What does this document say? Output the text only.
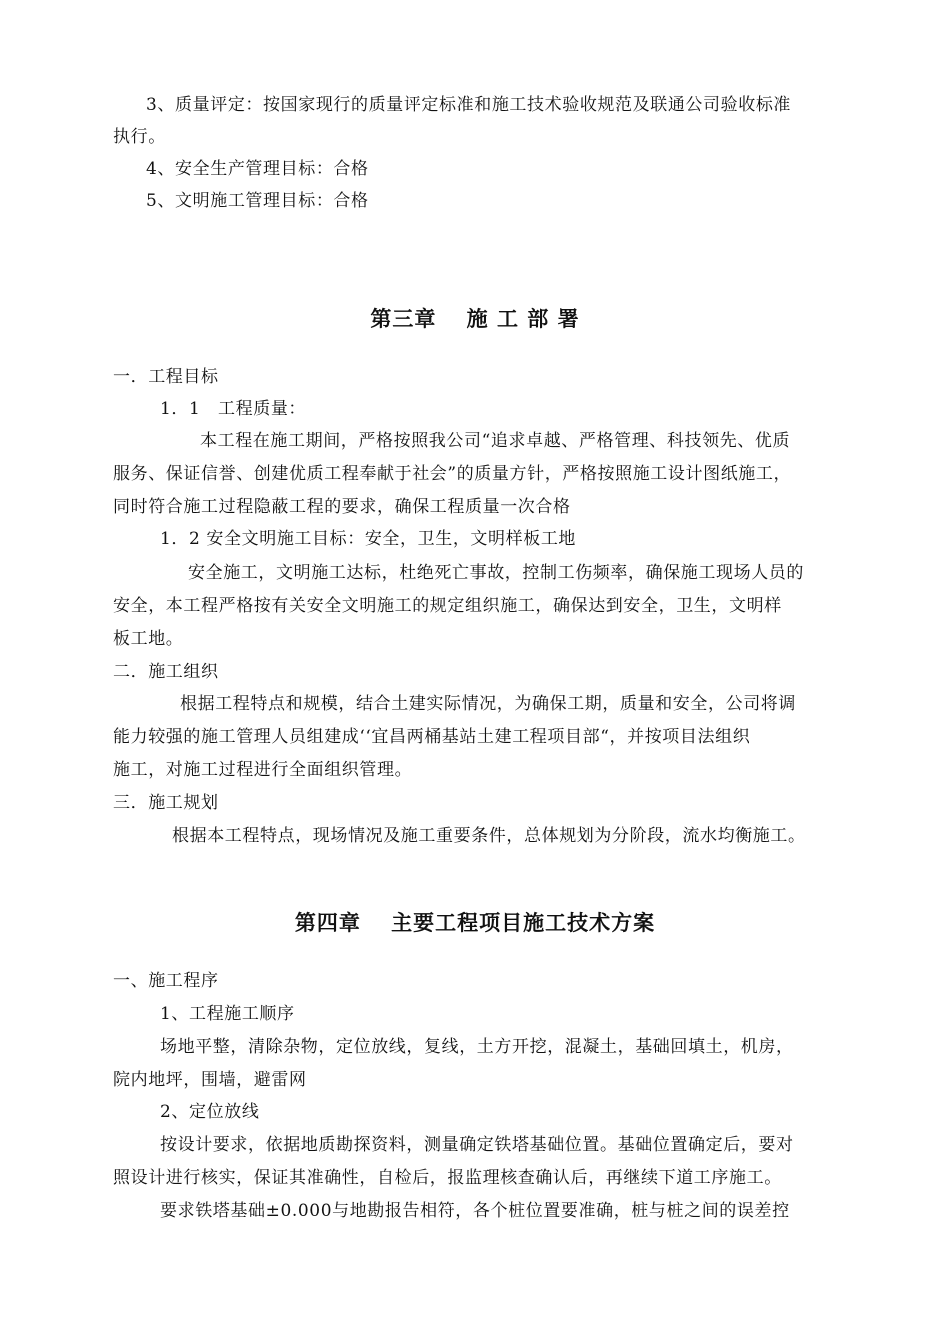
3、质量评定：按国家现行的质量评定标准和施工技术验收规范及联通公司验收标准
执行。
4、安全生产管理目标：合格
5、文明施工管理目标：合格
第三章　 施 工 部 署
一．工程目标
1．1　工程质量：
本工程在施工期间，严格按照我公司“追求卓越、严格管理、科技领先、优质
服务、保证信誉、创建优质工程奉献于社会”的质量方针，严格按照施工设计图纸施工，
同时符合施工过程隐蔽工程的要求，确保工程质量一次合格
1．2 安全文明施工目标：安全，卫生，文明样板工地
安全施工，文明施工达标，杜绝死亡事故，控制工伤频率，确保施工现场人员的
安全，本工程严格按有关安全文明施工的规定组织施工，确保达到安全，卫生，文明样
板工地。
二．施工组织
根据工程特点和规模，结合土建实际情况，为确保工期，质量和安全，公司将调
能力较强的施工管理人员组建成‘‘宜昌两桶基站土建工程项目部“，并按项目法组织
施工，对施工过程进行全面组织管理。
三．施工规划
根据本工程特点，现场情况及施工重要条件，总体规划为分阶段，流水均衡施工。
第四章　 主要工程项目施工技术方案
一、施工程序
1、工程施工顺序
场地平整，清除杂物，定位放线，复线，土方开挖，混凝土，基础回填土，机房，
院内地坪，围墙，避雷网
2、定位放线
按设计要求，依据地质勘探资料，测量确定铁塔基础位置。基础位置确定后，要对
照设计进行核实，保证其准确性，自检后，报监理核查确认后，再继续下道工序施工。
要求铁塔基础±0.000与地勘报告相符，各个桩位置要准确，桩与桩之间的误差控
